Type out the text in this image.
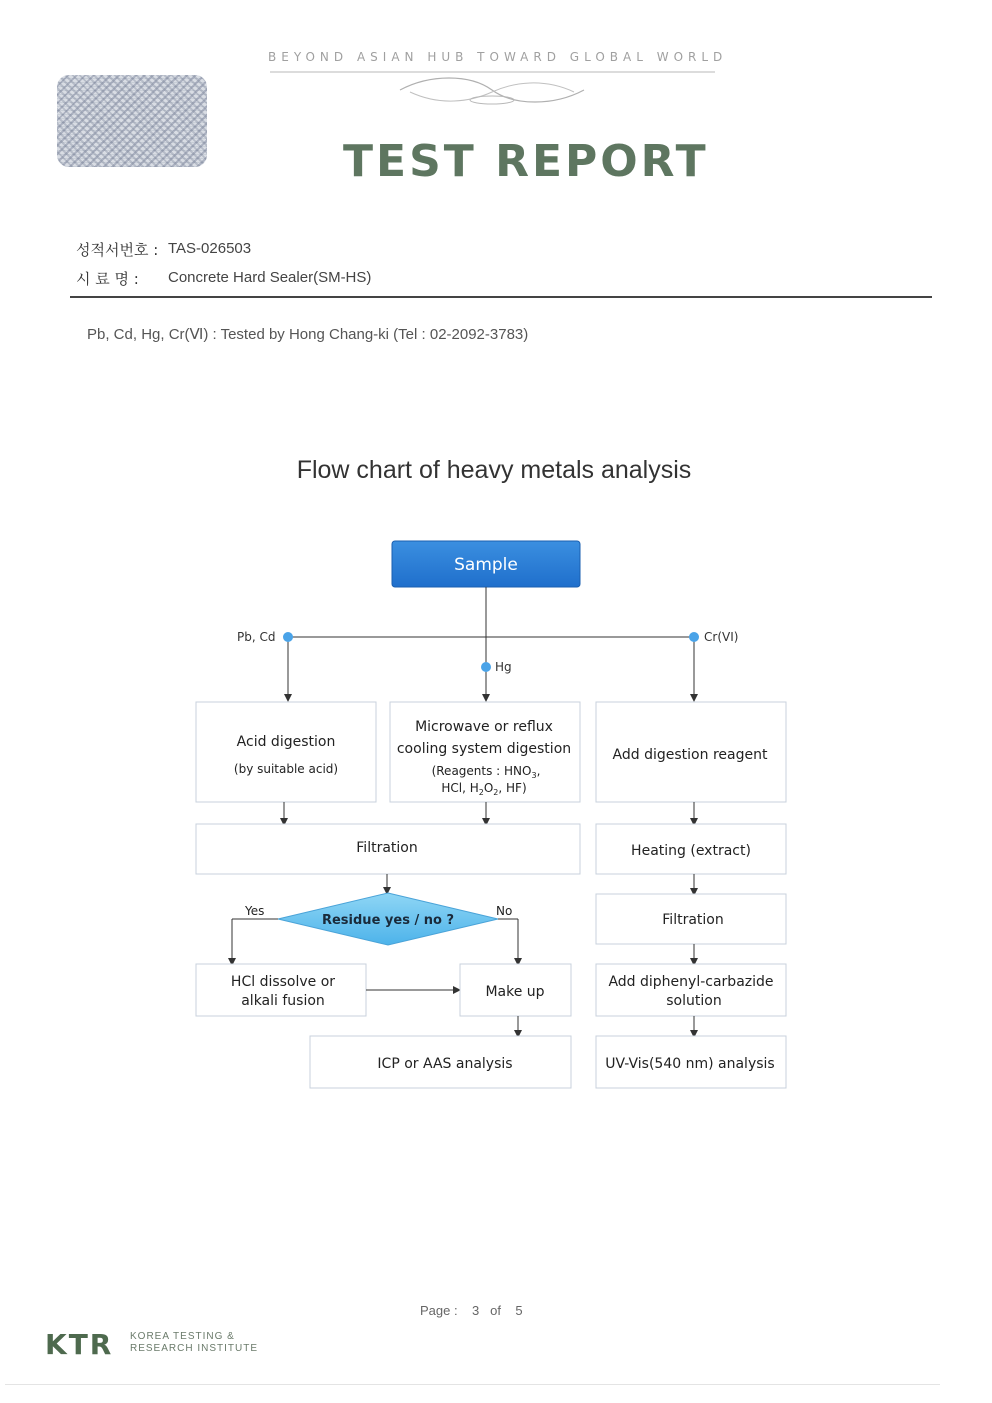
BEYOND ASIAN HUB TOWARD GLOBAL WORLD
TEST REPORT
성적서번호 : TAS-026503
시 료 명 : Concrete Hard Sealer(SM-HS)
Pb, Cd, Hg, Cr(Ⅵ) : Tested by Hong Chang-ki (Tel : 02-2092-3783)
Flow chart of heavy metals analysis
Sample
Pb, Cd
Hg
Cr(VI)
Acid digestion
(by suitable acid)
Microwave or reflux
cooling system digestion
(Reagents : $HNO_3$,
HCl, $H_2O_2$, HF)
Add digestion reagent
Filtration	Heating (extract)
Residue yes / no ?
Yes	No
Filtration
HCl dissolve or
alkali fusion
Make up
Add diphenyl-carbazide
solution
ICP or AAS analysis	UV-Vis(540 nm) analysis
Page : 3 of 5
KTR KOREA TESTING &
RESEARCH INSTITUTE
